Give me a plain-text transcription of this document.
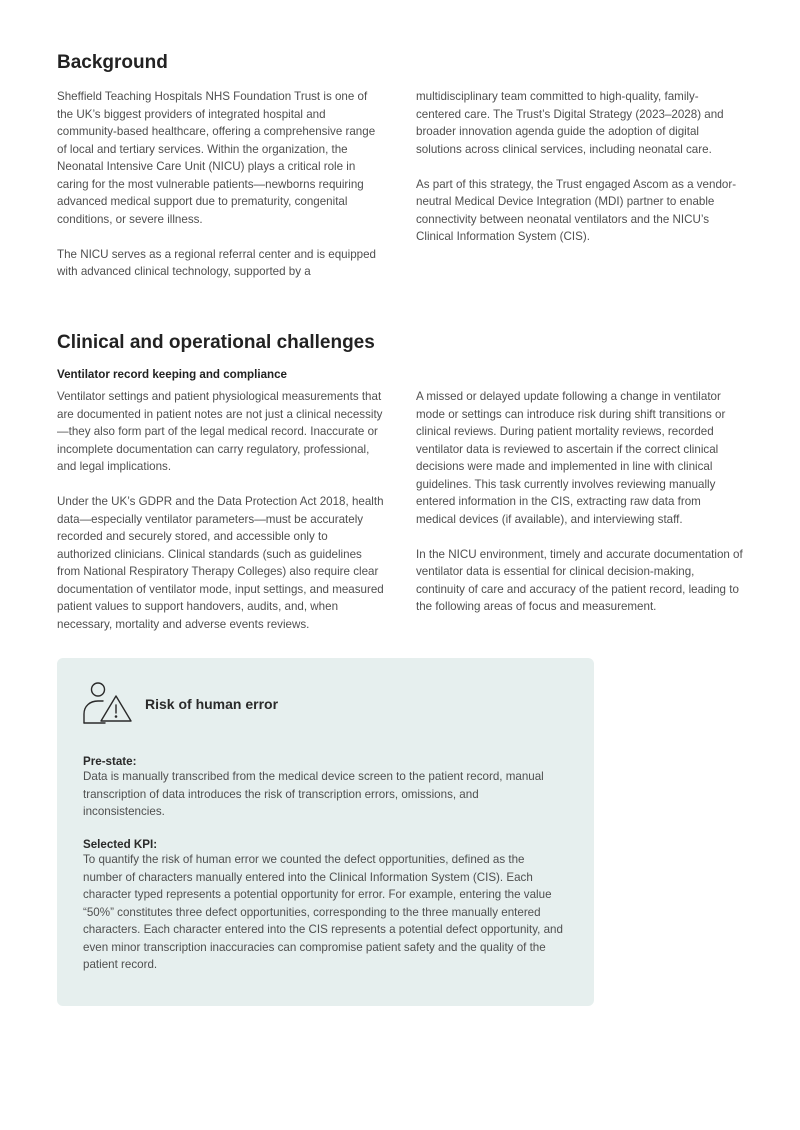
Background

Sheffield Teaching Hospitals NHS Foundation Trust is one of the UK’s biggest providers of integrated hospital and community-based healthcare, offering a comprehensive range of local and tertiary services. Within the organization, the Neonatal Intensive Care Unit (NICU) plays a critical role in caring for the most vulnerable patients—newborns requiring advanced medical support due to prematurity, congenital conditions, or severe illness.

The NICU serves as a regional referral center and is equipped with advanced clinical technology, supported by a

multidisciplinary team committed to high-quality, family-centered care. The Trust’s Digital Strategy (2023–2028) and broader innovation agenda guide the adoption of digital solutions across clinical services, including neonatal care.

As part of this strategy, the Trust engaged Ascom as a vendor-neutral Medical Device Integration (MDI) partner to enable connectivity between neonatal ventilators and the NICU’s Clinical Information System (CIS).

Clinical and operational challenges
Ventilator record keeping and compliance

Ventilator settings and patient physiological measurements that are documented in patient notes are not just a clinical necessity—they also form part of the legal medical record. Inaccurate or incomplete documentation can carry regulatory, professional, and legal implications.

Under the UK’s GDPR and the Data Protection Act 2018, health data—especially ventilator parameters—must be accurately recorded and securely stored, and accessible only to authorized clinicians. Clinical standards (such as guidelines from National Respiratory Therapy Colleges) also require clear documentation of ventilator mode, input settings, and measured patient values to support handovers, audits, and, when necessary, mortality and adverse events reviews.

A missed or delayed update following a change in ventilator mode or settings can introduce risk during shift transitions or clinical reviews. During patient mortality reviews, recorded ventilator data is reviewed to ascertain if the correct clinical decisions were made and implemented in line with clinical guidelines. This task currently involves reviewing manually entered information in the CIS, extracting raw data from medical devices (if available), and interviewing staff.

In the NICU environment, timely and accurate documentation of ventilator data is essential for clinical decision-making, continuity of care and accuracy of the patient record, leading to the following areas of focus and measurement.

Risk of human error
Pre-state:

Data is manually transcribed from the medical device screen to the patient record, manual transcription of data introduces the risk of transcription errors, omissions, and inconsistencies.

Selected KPI:

To quantify the risk of human error we counted the defect opportunities, defined as the number of characters manually entered into the Clinical Information System (CIS). Each character typed represents a potential opportunity for error. For example, entering the value “50%” constitutes three defect opportunities, corresponding to the three manually entered characters. Each character entered into the CIS represents a potential defect opportunity, and even minor transcription inaccuracies can compromise patient safety and the quality of the patient record.
